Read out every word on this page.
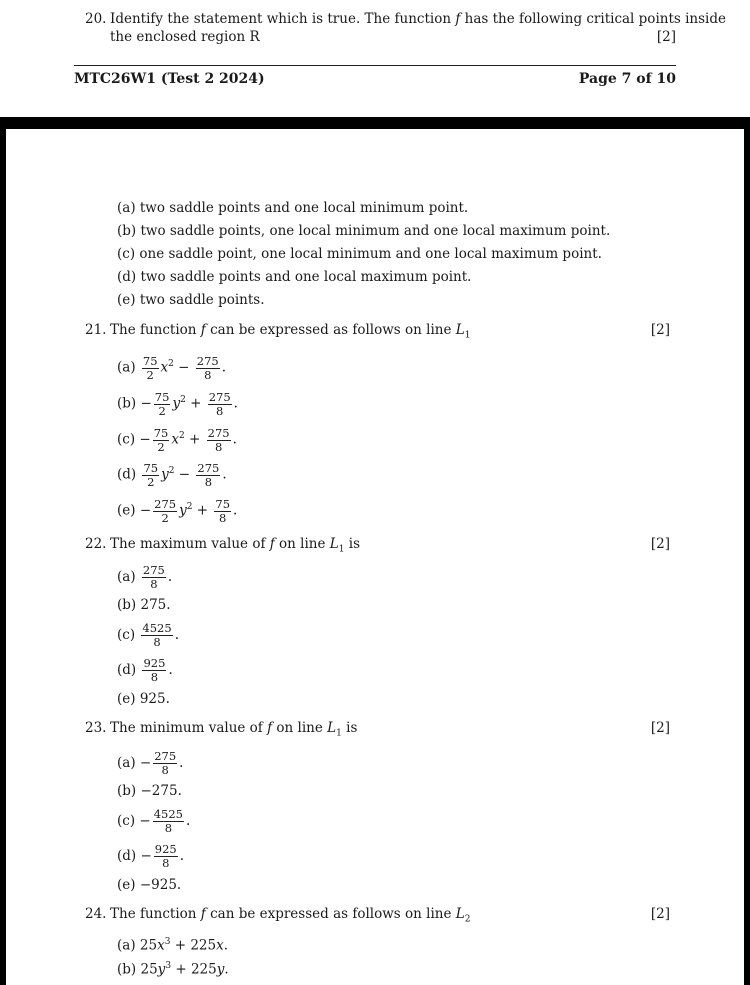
20. Identify the statement which is true. The function f has the following critical points inside
the enclosed region R	[2]
MTC26W1 (Test 2 2024)	Page 7 of 10
(a) two saddle points and one local minimum point.
(b) two saddle points, one local minimum and one local maximum point.
(c) one saddle point, one local minimum and one local maximum point.
(d) two saddle points and one local maximum point.
(e) two saddle points.
21. The function f can be expressed as follows on line $L_1$	[2]
$(a) \frac{75}{2} x^2 - \frac{275}{8}$ .
$(b) - \frac{75}{2} y^2 + \frac{275}{8}$ .
$(c) - \frac{75}{2} x^2 + \frac{275}{8}$ .
$(d) \frac{75}{2} y^2 - \frac{275}{8}$ .
$(e) - \frac{275}{2} y^2 + \frac{75}{8}$ .
22. The maximum value of f on line $L_1$ is	[2]
$(a) \frac{275}{8}$ .
(b) 275.
$(c) \frac{4525}{8}$ .
$(d) \frac{925}{8}$ .
(e) 925.
23. The minimum value of f on line $L_1$ is	[2]
$(a) - \frac{275}{8}$ .
(b) −275.
$(c) - \frac{4525}{8}$ .
$(d) - \frac{925}{8}$ .
(e) −925.
24. The function f can be expressed as follows on line $L_2$	[2]
(a) $25x^3 + 225x$.
(b) $25y^3 + 225y$.
